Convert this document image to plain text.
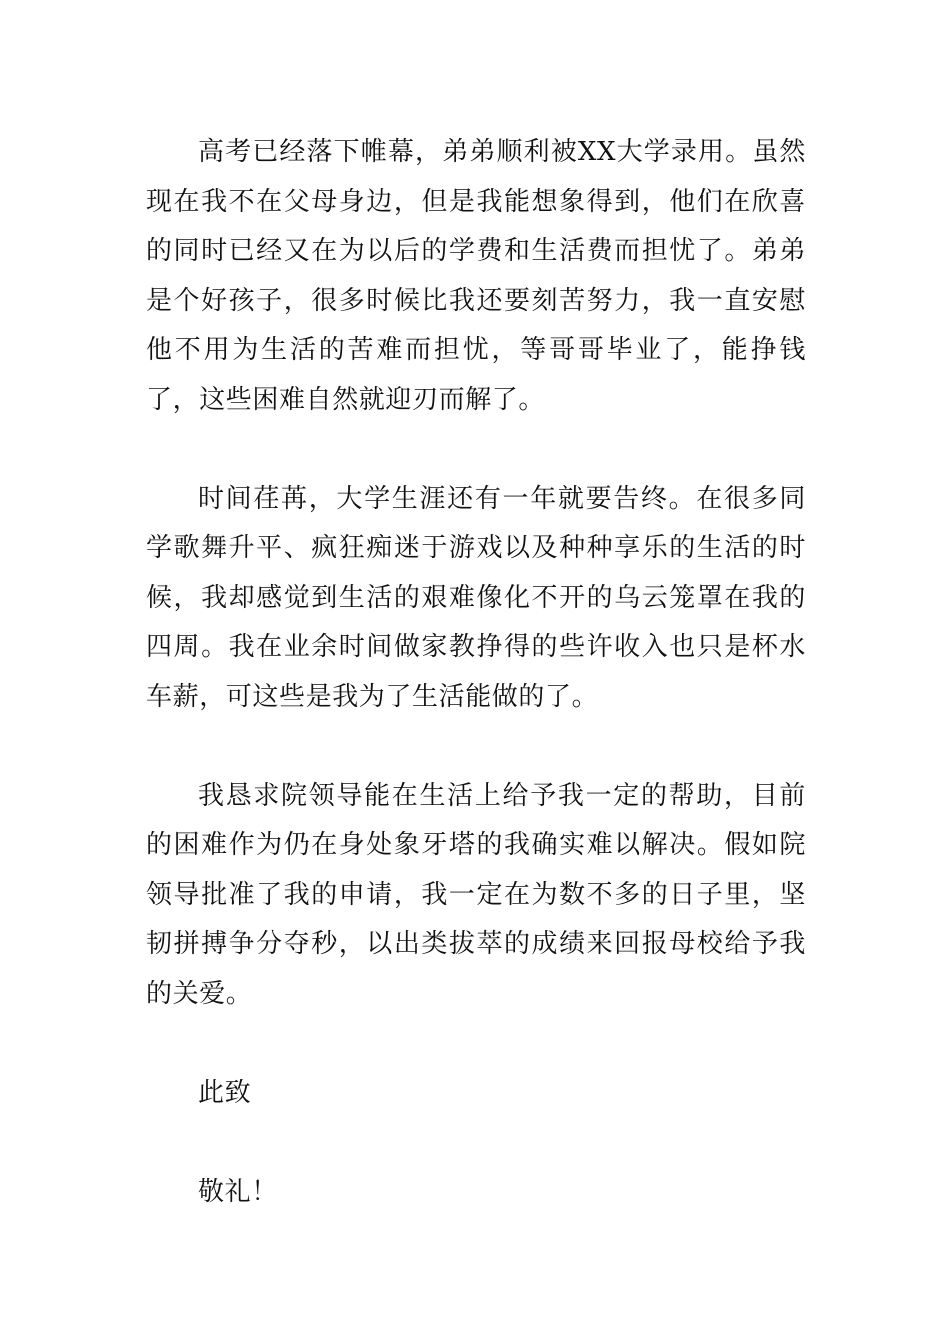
高考已经落下帷幕，弟弟顺利被XX大学录用。虽然现在我不在父母身边，但是我能想象得到，他们在欣喜的同时已经又在为以后的学费和生活费而担忧了。弟弟是个好孩子，很多时候比我还要刻苦努力，我一直安慰他不用为生活的苦难而担忧，等哥哥毕业了，能挣钱了，这些困难自然就迎刃而解了。

时间荏苒，大学生涯还有一年就要告终。在很多同学歌舞升平、疯狂痴迷于游戏以及种种享乐的生活的时候，我却感觉到生活的艰难像化不开的乌云笼罩在我的四周。我在业余时间做家教挣得的些许收入也只是杯水车薪，可这些是我为了生活能做的了。

我恳求院领导能在生活上给予我一定的帮助，目前的困难作为仍在身处象牙塔的我确实难以解决。假如院领导批准了我的申请，我一定在为数不多的日子里，坚韧拼搏争分夺秒，以出类拔萃的成绩来回报母校给予我的关爱。

此致

敬礼！
